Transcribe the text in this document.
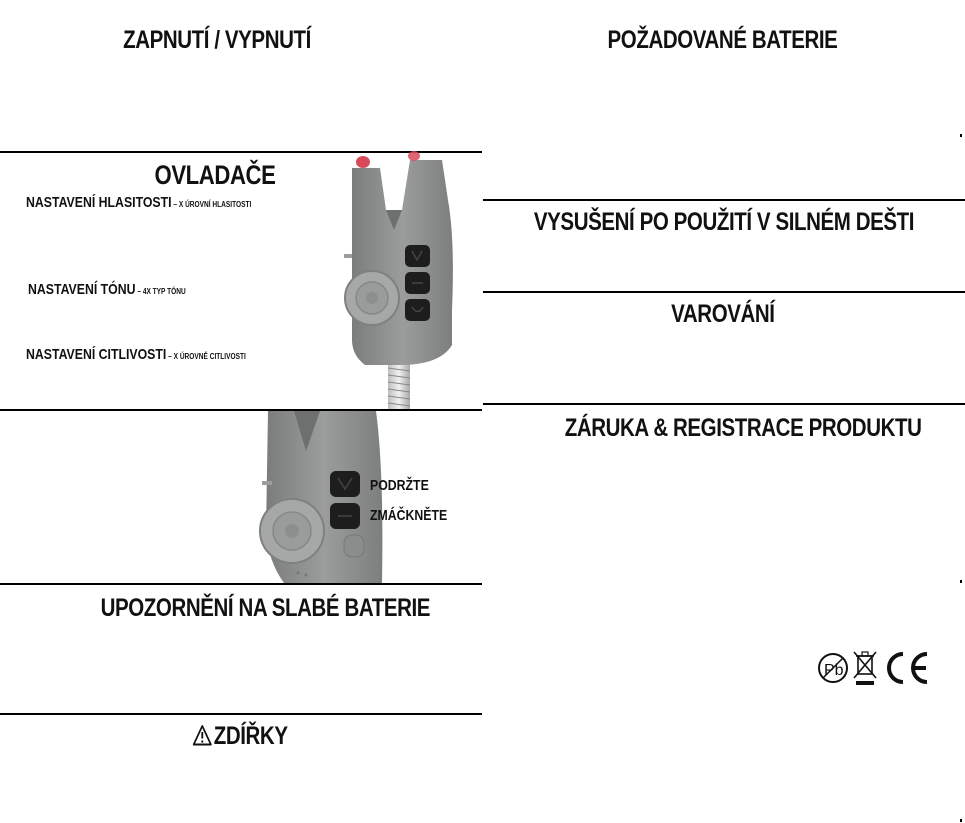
ZAPNUTÍ / VYPNUTÍ
OVLADAČE
NASTAVENÍ HLASITOSTI – X ÚROVNÍ HLASITOSTI
NASTAVENÍ TÓNU – 4X TYP TÓNU
NASTAVENÍ CITLIVOSTI – X ÚROVNĚ CITLIVOSTI
PODRŽTE
ZMÁČKNĚTE
UPOZORNĚNÍ NA SLABÉ BATERIE
ZDÍŘKY
POŽADOVANÉ BATERIE
VYSUŠENÍ PO POUŽITÍ V SILNÉM DEŠTI
VAROVÁNÍ
ZÁRUKA & REGISTRACE PRODUKTU
Pb
